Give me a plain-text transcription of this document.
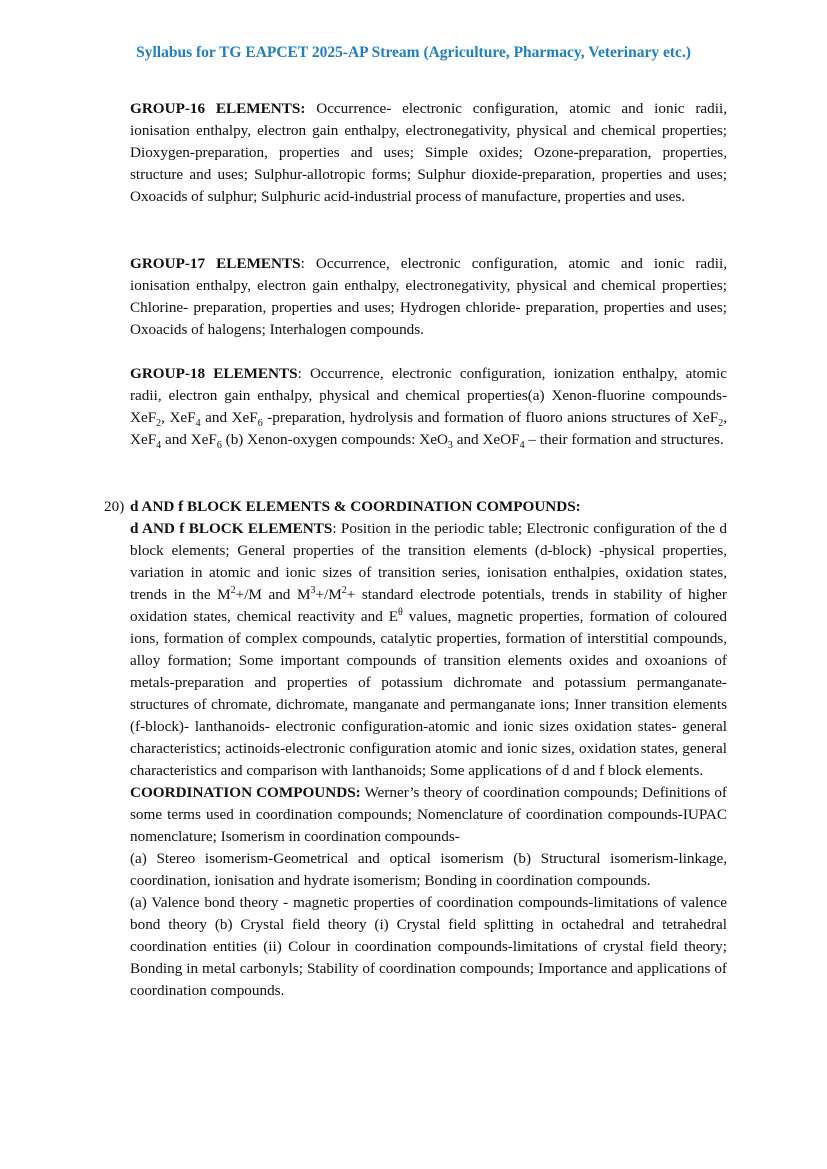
Syllabus for TG EAPCET 2025-AP Stream (Agriculture, Pharmacy, Veterinary etc.)

GROUP-16 ELEMENTS: Occurrence- electronic configuration, atomic and ionic radii, ionisation enthalpy, electron gain enthalpy, electronegativity, physical and chemical properties; Dioxygen-preparation, properties and uses; Simple oxides; Ozone-preparation, properties, structure and uses; Sulphur-allotropic forms; Sulphur dioxide-preparation, properties and uses; Oxoacids of sulphur; Sulphuric acid-industrial process of manufacture, properties and uses.

GROUP-17 ELEMENTS: Occurrence, electronic configuration, atomic and ionic radii, ionisation enthalpy, electron gain enthalpy, electronegativity, physical and chemical properties; Chlorine- preparation, properties and uses; Hydrogen chloride- preparation, properties and uses; Oxoacids of halogens; Interhalogen compounds.

GROUP-18 ELEMENTS: Occurrence, electronic configuration, ionization enthalpy, atomic radii, electron gain enthalpy, physical and chemical properties(a) Xenon-fluorine compounds- XeF$_2$, XeF$_4$ and XeF$_6$ -preparation, hydrolysis and formation of fluoro anions structures of XeF$_2$, XeF$_4$ and XeF$_6$ (b) Xenon-oxygen compounds: XeO$_3$ and XeOF$_4$ – their formation and structures.

20) d AND f BLOCK ELEMENTS & COORDINATION COMPOUNDS:

d AND f BLOCK ELEMENTS: Position in the periodic table; Electronic configuration of the d block elements; General properties of the transition elements (d-block) -physical properties, variation in atomic and ionic sizes of transition series, ionisation enthalpies, oxidation states, trends in the $M^2+/M$ and $M^3+/M^2+$ standard electrode potentials, trends in stability of higher oxidation states, chemical reactivity and $E^\theta$ values, magnetic properties, formation of coloured ions, formation of complex compounds, catalytic properties, formation of interstitial compounds, alloy formation; Some important compounds of transition elements oxides and oxoanions of metals-preparation and properties of potassium dichromate and potassium permanganate-structures of chromate, dichromate, manganate and permanganate ions; Inner transition elements (f-block)- lanthanoids- electronic configuration-atomic and ionic sizes oxidation states- general characteristics; actinoids-electronic configuration atomic and ionic sizes, oxidation states, general characteristics and comparison with lanthanoids; Some applications of d and f block elements.

COORDINATION COMPOUNDS: Werner’s theory of coordination compounds; Definitions of some terms used in coordination compounds; Nomenclature of coordination compounds-IUPAC nomenclature; Isomerism in coordination compounds-

(a) Stereo isomerism-Geometrical and optical isomerism (b) Structural isomerism-linkage, coordination, ionisation and hydrate isomerism; Bonding in coordination compounds.

(a) Valence bond theory - magnetic properties of coordination compounds-limitations of valence bond theory (b) Crystal field theory (i) Crystal field splitting in octahedral and tetrahedral coordination entities (ii) Colour in coordination compounds-limitations of crystal field theory; Bonding in metal carbonyls; Stability of coordination compounds; Importance and applications of coordination compounds.
